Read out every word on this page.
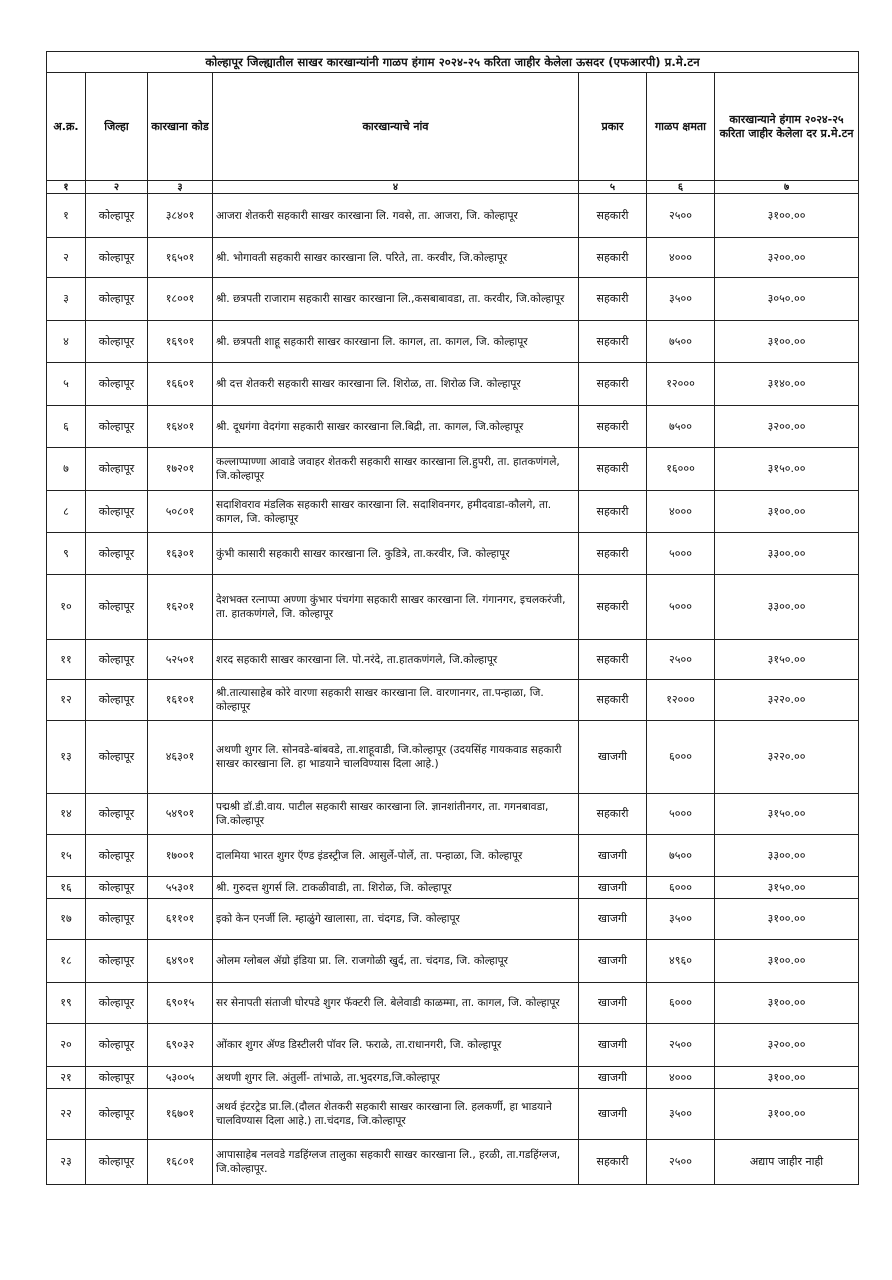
कोल्हापूर जिल्ह्यातील साखर कारखान्यांनी गाळप हंगाम २०२४-२५ करिता जाहीर केलेला ऊसदर (एफआरपी) प्र.मे.टन						
अ.क्र.	जिल्हा	कारखाना कोड	कारखान्याचे नांव	प्रकार	गाळप क्षमता	कारखान्याने हंगाम २०२४-२५ करिता जाहीर केलेला दर प्र.मे.टन
१	२	३	४	५	६	७
१	कोल्हापूर	३८४०१	आजरा शेतकरी सहकारी साखर कारखाना लि. गवसे, ता. आजरा, जि. कोल्हापूर	सहकारी	२५००	३१००.००
२	कोल्हापूर	१६५०१	श्री. भोगावती सहकारी साखर कारखाना लि. परिते, ता. करवीर, जि.कोल्हापूर	सहकारी	४०००	३२००.००
३	कोल्हापूर	१८००१	श्री. छत्रपती राजाराम सहकारी साखर कारखाना लि.,कसबाबावडा, ता. करवीर, जि.कोल्हापूर	सहकारी	३५००	३०५०.००
४	कोल्हापूर	१६९०१	श्री. छत्रपती शाहू सहकारी साखर कारखाना लि. कागल, ता. कागल, जि. कोल्हापूर	सहकारी	७५००	३१००.००
५	कोल्हापूर	१६६०१	श्री दत्त शेतकरी सहकारी साखर कारखाना लि. शिरोळ, ता. शिरोळ जि. कोल्हापूर	सहकारी	१२०००	३१४०.००
६	कोल्हापूर	१६४०१	श्री. दूधगंगा वेदगंगा सहकारी साखर कारखाना लि.बिद्री, ता. कागल, जि.कोल्हापूर	सहकारी	७५००	३२००.००
७	कोल्हापूर	१७२०१	कल्लाप्पाण्णा आवाडे जवाहर शेतकरी सहकारी साखर कारखाना लि.हुपरी, ता. हातकणंगले, जि.कोल्हापूर	सहकारी	१६०००	३१५०.००
८	कोल्हापूर	५०८०१	सदाशिवराव मंडलिक सहकारी साखर कारखाना लि. सदाशिवनगर, हमीदवाडा-कौलगे, ता. कागल, जि. कोल्हापूर	सहकारी	४०००	३१००.००
९	कोल्हापूर	१६३०१	कुंभी कासारी सहकारी साखर कारखाना लि. कुडित्रे, ता.करवीर, जि. कोल्हापूर	सहकारी	५०००	३३००.००
१०	कोल्हापूर	१६२०१	देशभक्त रत्नाप्पा अण्णा कुंभार पंचगंगा सहकारी साखर कारखाना लि. गंगानगर, इचलकरंजी, ता. हातकणंगले, जि. कोल्हापूर	सहकारी	५०००	३३००.००
११	कोल्हापूर	५२५०१	शरद सहकारी साखर कारखाना लि. पो.नरंदे, ता.हातकणंगले, जि.कोल्हापूर	सहकारी	२५००	३१५०.००
१२	कोल्हापूर	१६१०१	श्री.तात्यासाहेब कोरे वारणा सहकारी साखर कारखाना लि. वारणानगर, ता.पन्हाळा, जि. कोल्हापूर	सहकारी	१२०००	३२२०.००
१३	कोल्हापूर	४६३०१	अथणी शुगर लि. सोनवडे-बांबवडे, ता.शाहूवाडी, जि.कोल्हापूर (उदयसिंह गायकवाड सहकारी साखर कारखाना लि. हा भाडयाने चालविण्यास दिला आहे.)	खाजगी	६०००	३२२०.००
१४	कोल्हापूर	५४९०१	पद्मश्री डॉ.डी.वाय. पाटील सहकारी साखर कारखाना लि. ज्ञानशांतीनगर, ता. गगनबावडा, जि.कोल्हापूर	सहकारी	५०००	३१५०.००
१५	कोल्हापूर	१७००१	दालमिया भारत शुगर ऍण्ड इंडस्ट्रीज लि. आसुर्ले-पोर्ले, ता. पन्हाळा, जि. कोल्हापूर	खाजगी	७५००	३३००.००
१६	कोल्हापूर	५५३०१	श्री. गुरुदत्त शुगर्स लि. टाकळीवाडी, ता. शिरोळ, जि. कोल्हापूर	खाजगी	६०००	३१५०.००
१७	कोल्हापूर	६११०१	इको केन एनर्जी लि. म्हाळुंगे खालासा, ता. चंदगड, जि. कोल्हापूर	खाजगी	३५००	३१००.००
१८	कोल्हापूर	६४९०१	ओलम ग्लोबल ॲग्रो इंडिया प्रा. लि. राजगोळी खुर्द, ता. चंदगड, जि. कोल्हापूर	खाजगी	४९६०	३१००.००
१९	कोल्हापूर	६९०१५	सर सेनापती संताजी घोरपडे शुगर फॅक्टरी लि. बेलेवाडी काळम्मा, ता. कागल, जि. कोल्हापूर	खाजगी	६०००	३१००.००
२०	कोल्हापूर	६९०३२	ओंकार शुगर ॲण्ड डिस्टीलरी पॉवर लि. फराळे, ता.राधानगरी, जि. कोल्हापूर	खाजगी	२५००	३२००.००
२१	कोल्हापूर	५३००५	अथणी शुगर लि. अंतुर्ली- तांभाळे, ता.भुदरगड,जि.कोल्हापूर	खाजगी	४०००	३१००.००
२२	कोल्हापूर	१६७०१	अथर्व इंटरट्रेड प्रा.लि.(दौलत शेतकरी सहकारी साखर कारखाना लि. हलकर्णी, हा भाडयाने चालविण्यास दिला आहे.) ता.चंदगड, जि.कोल्हापूर	खाजगी	३५००	३१००.००
२३	कोल्हापूर	१६८०१	आपासाहेब नलवडे गडहिंग्लज तालुका सहकारी साखर कारखाना लि., हरळी, ता.गडहिंग्लज, जि.कोल्हापूर.	सहकारी	२५००	अद्याप जाहीर नाही
